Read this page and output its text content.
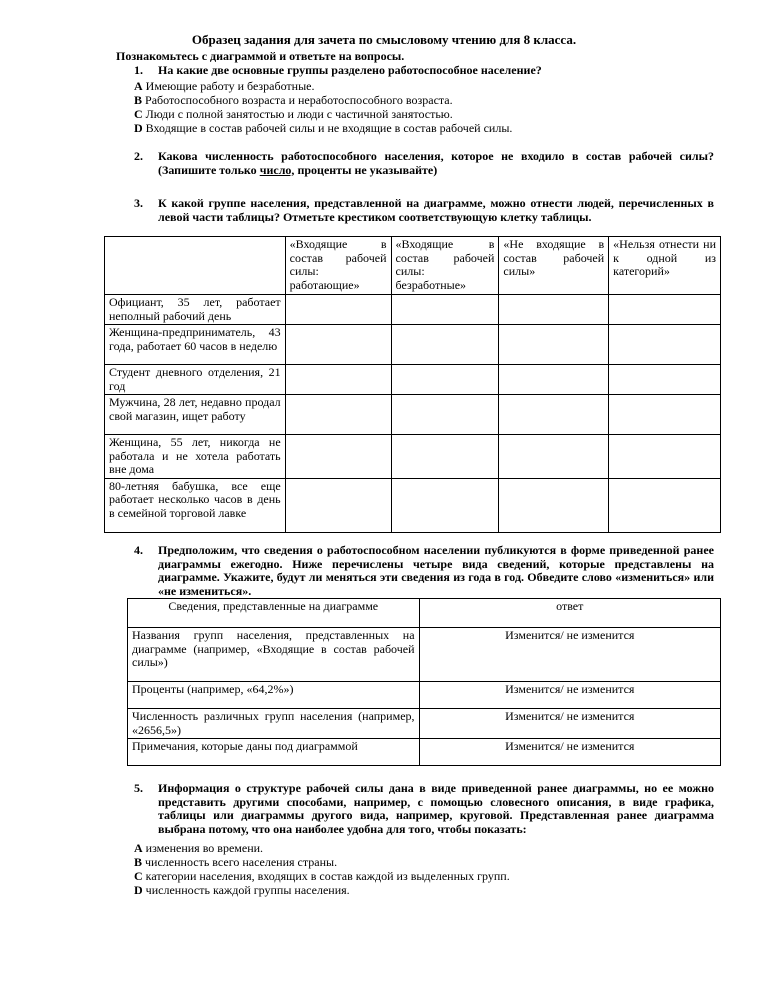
Образец задания для зачета по смысловому чтению для 8 класса.
Познакомьтесь с диаграммой и ответьте на вопросы.
1. На какие две основные группы разделено работоспособное население?
A Имеющие работу и безработные.
B Работоспособного возраста и неработоспособного возраста.
C Люди с полной занятостью и люди с частичной занятостью.
D Входящие в состав рабочей силы и не входящие в состав рабочей силы.
2. Какова численность работоспособного населения, которое не входило в состав рабочей силы? (Запишите только число, проценты не указывайте)
3. К какой группе населения, представленной на диаграмме, можно отнести людей, перечисленных в левой части таблицы? Отметьте крестиком соответствующую клетку таблицы.
	«Входящие в состав рабочей силы: работающие»	«Входящие в состав рабочей силы: безработные»	«Не входящие в состав рабочей силы»	«Нельзя отнести ни к одной из категорий»
Официант, 35 лет, работает неполный рабочий день				
Женщина-предприниматель, 43 года, работает 60 часов в неделю				
Студент дневного отделения, 21 год				
Мужчина, 28 лет, недавно продал свой магазин, ищет работу				
Женщина, 55 лет, никогда не работала и не хотела работать вне дома				
80-летняя бабушка, все еще работает несколько часов в день в семейной торговой лавке				
4. Предположим, что сведения о работоспособном населении публикуются в форме приведенной ранее диаграммы ежегодно. Ниже перечислены четыре вида сведений, которые представлены на диаграмме. Укажите, будут ли меняться эти сведения из года в год. Обведите слово «измениться» или «не измениться».
Сведения, представленные на диаграмме	ответ
Названия групп населения, представленных на диаграмме (например, «Входящие в состав рабочей силы»)	Изменится/ не изменится
Проценты (например, «64,2%»)	Изменится/ не изменится
Численность различных групп населения (например, «2656,5»)	Изменится/ не изменится
Примечания, которые даны под диаграммой	Изменится/ не изменится
5. Информация о структуре рабочей силы дана в виде приведенной ранее диаграммы, но ее можно представить другими способами, например, с помощью словесного описания, в виде графика, таблицы или диаграммы другого вида, например, круговой. Представленная ранее диаграмма выбрана потому, что она наиболее удобна для того, чтобы показать:
A изменения во времени.
B численность всего населения страны.
C категории населения, входящих в состав каждой из выделенных групп.
D численность каждой группы населения.
